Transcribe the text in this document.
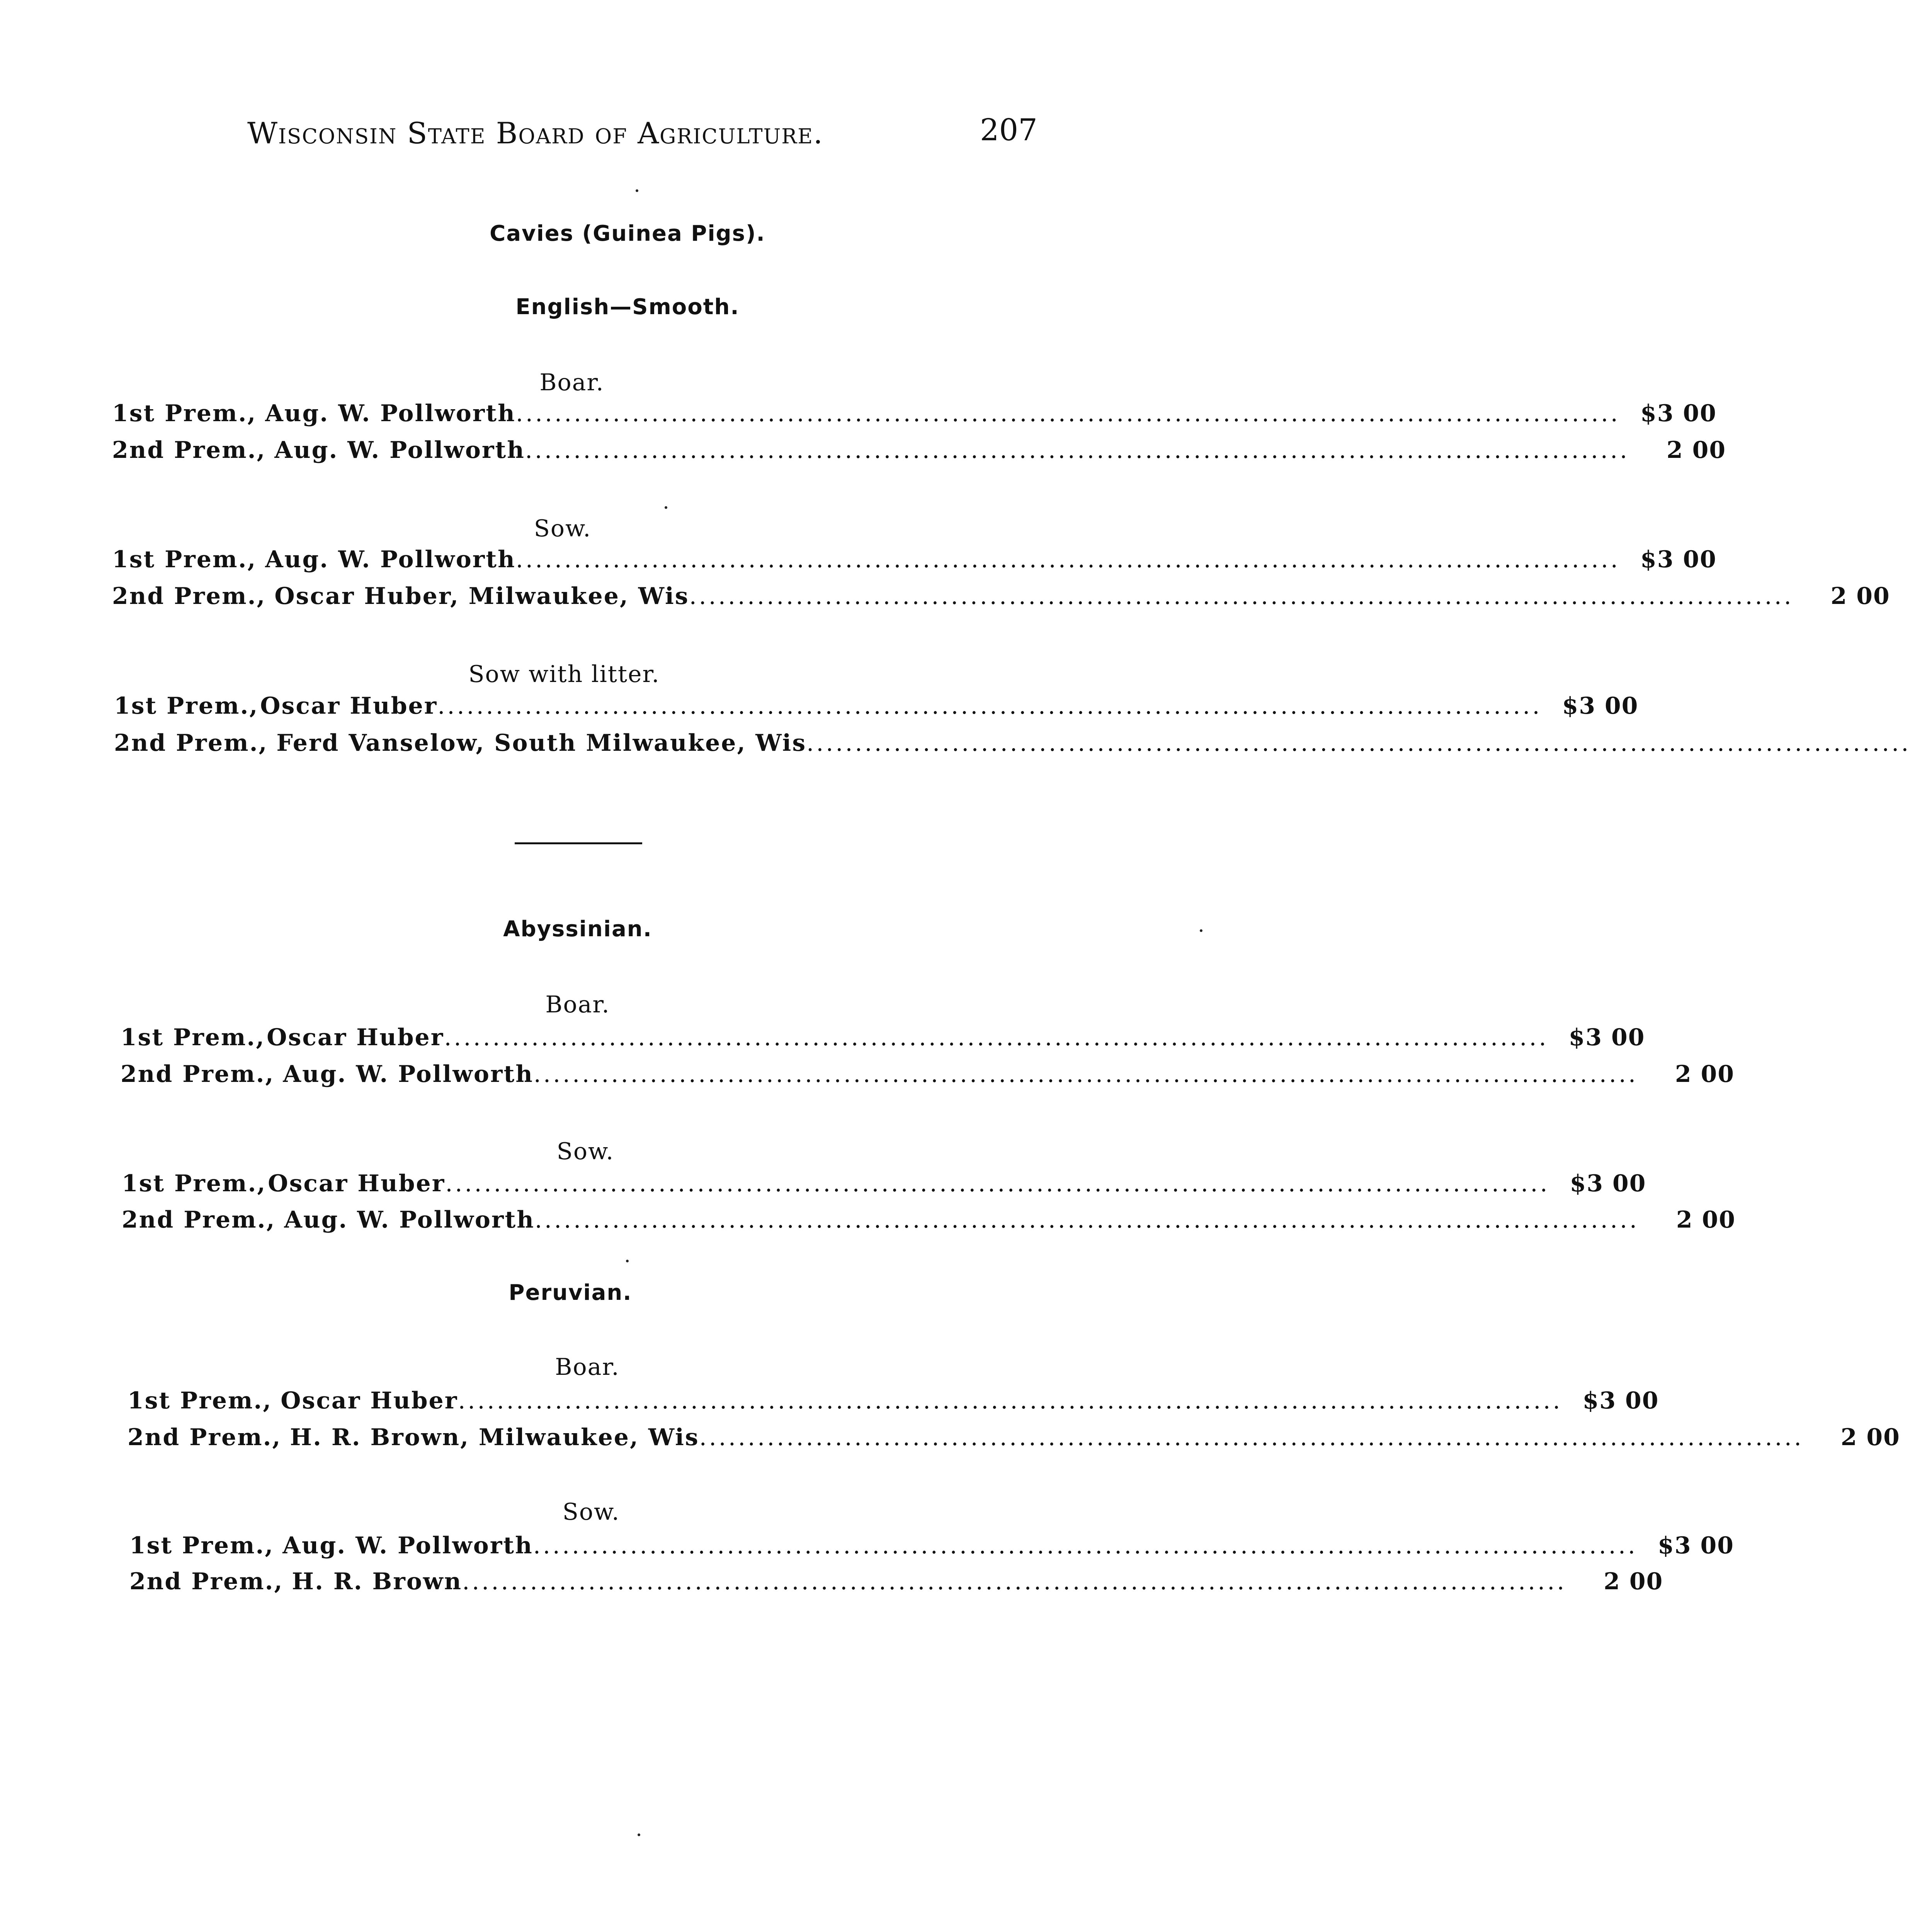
Wisconsin State Board of Agriculture.	207
Cavies (Guinea Pigs).
English—Smooth.
Boar.
1st Prem., Aug. W. Pollworth .................................................................................................................. $3 00
2nd Prem., Aug. W. Pollworth ..................................................................................................................	2 00
Sow.
1st Prem., Aug. W. Pollworth .................................................................................................................. $3 00
2nd Prem., Oscar Huber, Milwaukee, Wis ..................................................................................................................	2 00
Sow with litter.
1st Prem., Oscar Huber .................................................................................................................. $3 00
2nd Prem., Ferd Vanselow, South Milwaukee, Wis ..................................................................................................................
Abyssinian.
Boar.
1st Prem., Oscar Huber .................................................................................................................. $3 00
2nd Prem., Aug. W. Pollworth ..................................................................................................................	2 00
Sow.
1st Prem., Oscar Huber .................................................................................................................. $3 00
2nd Prem., Aug. W. Pollworth ..................................................................................................................	2 00
Peruvian.
Boar.
1st Prem., Oscar Huber .................................................................................................................. $3 00
2nd Prem., H. R. Brown, Milwaukee, Wis ..................................................................................................................	2 00
Sow.
1st Prem., Aug. W. Pollworth .................................................................................................................. $3 00
2nd Prem., H. R. Brown ..................................................................................................................	2 00
